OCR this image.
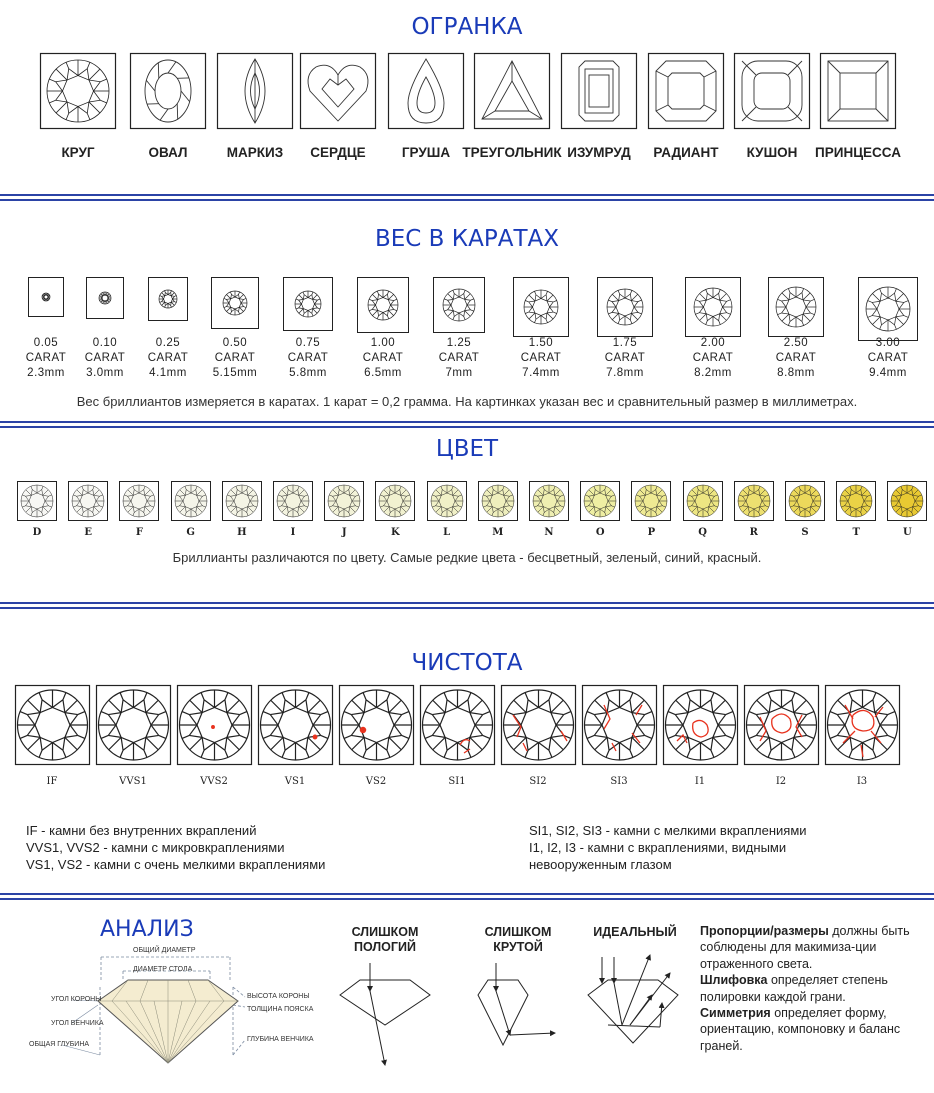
ОГРАНКА
ВЕС В КАРАТАХ
Вес бриллиантов измеряется в каратах. 1 карат = 0,2 грамма. На картинках указан вес и сравнительный размер в миллиметрах.
ЦВЕТ
Бриллианты различаются по цвету. Самые редкие цвета - бесцветный, зеленый, синий, красный.
ЧИСТОТА
IF - камни без внутренних вкраплений
VVS1, VVS2 - камни с микровкраплениями
VS1, VS2 - камни с очень мелкими вкраплениями
SI1, SI2, SI3 - камни с мелкими вкраплениями
I1, I2, I3 - камни с вкраплениями, видными
невооруженным глазом
АНАЛИЗ
ОБЩИЙ ДИАМЕТР
ДИАМЕТР СТОЛА
УГОЛ КОРОНЫ
УГОЛ ВЕНЧИКА
ОБЩАЯ ГЛУБИНА
ВЫСОТА КОРОНЫ
ТОЛЩИНА ПОЯСКА
ГЛУБИНА ВЕНЧИКА
СЛИШКОМ
ПОЛОГИЙ
СЛИШКОМ
КРУТОЙ
ИДЕАЛЬНЫЙ	Пропорции/размеры должны быть соблюдены для макимиза-ции отраженного света.
Шлифовка определяет степень полировки каждой грани.
Симметрия определяет форму, ориентацию, компоновку и баланс граней.
КРУГ	ОВАЛ	МАРКИЗ	СЕРДЦЕ	ГРУША ТРЕУГОЛЬНИК ИЗУМРУД	РАДИАНТ	КУШОН	ПРИНЦЕССА
0.05
CARAT
2.3mm
0.10
CARAT
3.0mm
0.25
CARAT
4.1mm
0.50
CARAT
5.15mm
0.75
CARAT
5.8mm
1.00
CARAT
6.5mm
1.25
CARAT
7mm
1.50
CARAT
7.4mm
1.75
CARAT
7.8mm
2.00
CARAT
8.2mm
2.50
CARAT
8.8mm
3.00
CARAT
9.4mm
D	E	F	G	H	I	J	K	L	M	N	O	P	Q	R	S	T	U
IF	VVS1	VVS2	VS1	VS2	SI1	SI2	SI3	I1	I2	I3
